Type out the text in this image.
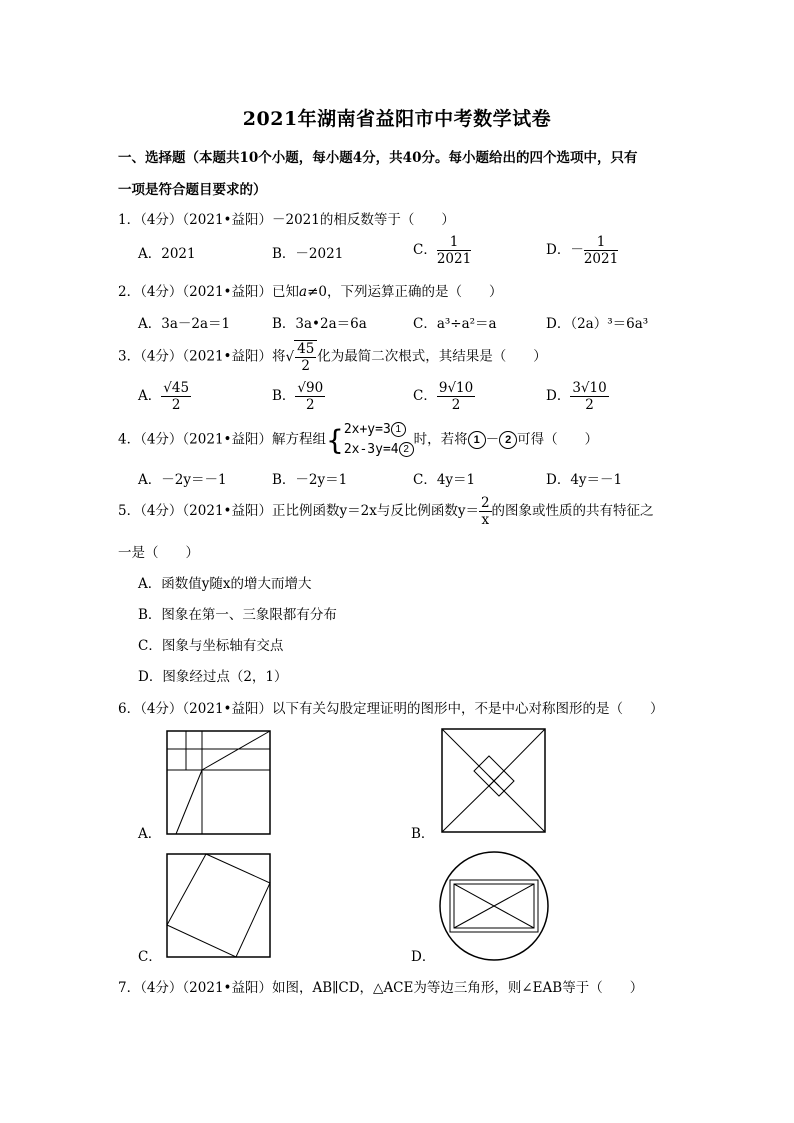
2021年湖南省益阳市中考数学试卷
一、选择题（本题共10个小题，每小题4分，共40分。每小题给出的四个选项中，只有
一项是符合题目要求的）
1．（4分）（2021•益阳）－2021的相反数等于（　　）
A．2021	B．－2021	C． $\frac{1}{2021}$	D．－ $\frac{1}{2021}$
2．（4分）（2021•益阳）已知a≠0，下列运算正确的是（　　）
A．3a－2a＝1	B．3a•2a＝6a	C．a³÷a²＝a	D．（2a）³＝6a³
3．（4分）（2021•益阳）将√ $\frac{45}{2}$ 化为最简二次根式，其结果是（　　）
A． $\frac{√45}{2}$	B． $\frac{√90}{2}$	C． $\frac{9√10}{2}$	D． $\frac{3√10}{2}$
4．（4分）（2021•益阳）解方程组{ 2x+y=3 1
2x-3y=4 2
时，若将 1 － 2 可得（　　）
A．－2y＝－1	B．－2y＝1	C．4y＝1	D．4y＝－1
5．（4分）（2021•益阳）正比例函数y＝2x与反比例函数$y= \frac{2}{x}$ 的图象或性质的共有特征之
一是（　　）
A．函数值y随x的增大而增大
B．图象在第一、三象限都有分布
C．图象与坐标轴有交点
D．图象经过点（2，1）
6．（4分）（2021•益阳）以下有关勾股定理证明的图形中，不是中心对称图形的是（　　）
A．	B．
C．	D．
7．（4分）（2021•益阳）如图，AB∥CD，△ACE为等边三角形，则∠EAB等于（　　）
